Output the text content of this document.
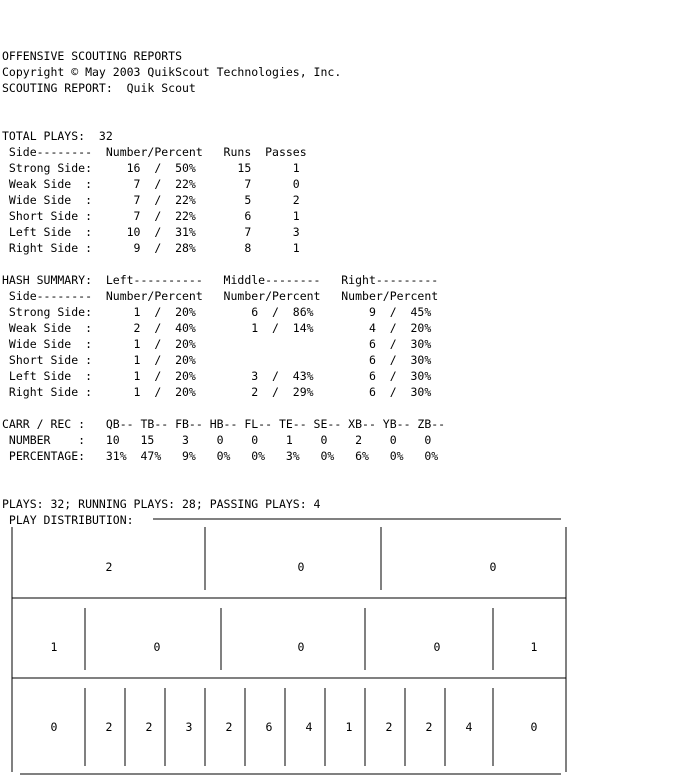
OFFENSIVE SCOUTING REPORTS
Copyright © May 2003 QuikScout Technologies, Inc.
SCOUTING REPORT:  Quik Scout

TOTAL PLAYS:  32
Side--------  Number/Percent   Runs  Passes
Strong Side:     16  /  50%      15      1
Weak Side  :      7  /  22%       7      0
Wide Side  :      7  /  22%       5      2
Short Side :      7  /  22%       6      1
Left Side  :     10  /  31%       7      3
Right Side :      9  /  28%       8      1

HASH SUMMARY:  Left----------   Middle--------   Right---------
Side--------  Number/Percent   Number/Percent   Number/Percent
Strong Side:      1  /  20%        6  /  86%        9  /  45%
Weak Side  :      2  /  40%        1  /  14%        4  /  20%
Wide Side  :      1  /  20%                         6  /  30%
Short Side :      1  /  20%                         6  /  30%
Left Side  :      1  /  20%        3  /  43%        6  /  30%
Right Side :      1  /  20%        2  /  29%        6  /  30%

CARR / REC :   QB-- TB-- FB-- HB-- FL-- TE-- SE-- XB-- YB-- ZB--
NUMBER    :   10   15    3    0    0    1    0    2    0    0
PERCENTAGE:   31%  47%   9%   0%   0%   3%   0%   6%   0%   0%

PLAYS: 32; RUNNING PLAYS: 28; PASSING PLAYS: 4
PLAY DISTRIBUTION:
2	0	0
1	0	0	0	1
0	2	2	3	2	6	4	1	2	2	4	0
